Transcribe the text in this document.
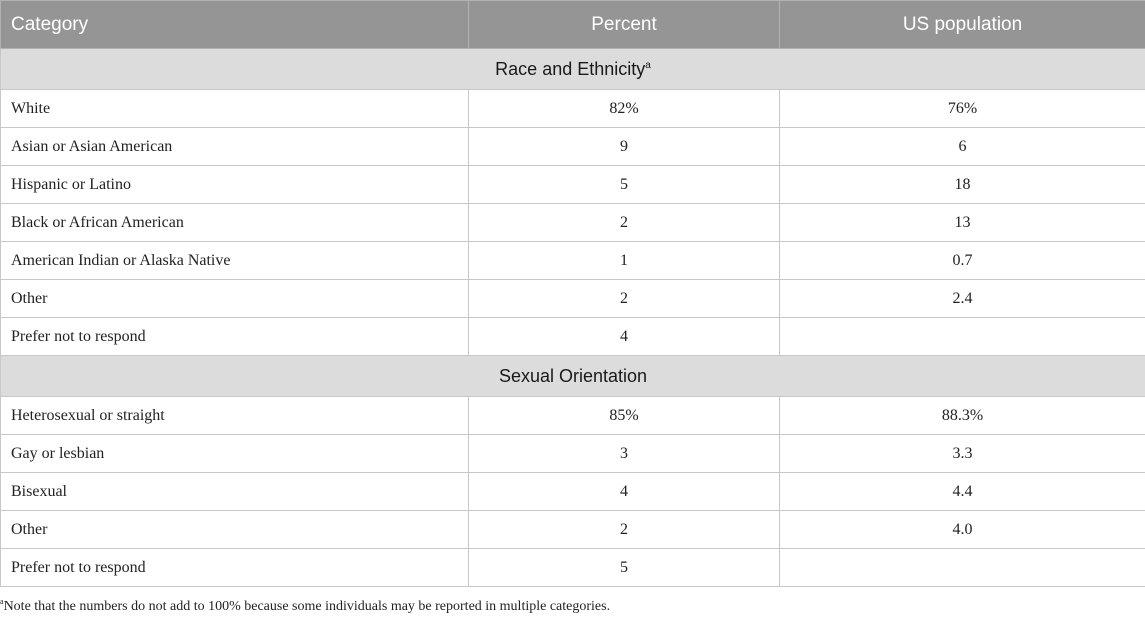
Category	Percent	US population
Race and Ethnicity$^a$
White	82%	76%
Asian or Asian American	9	6
Hispanic or Latino	5	18
Black or African American	2	13
American Indian or Alaska Native	1	0.7
Other	2	2.4
Prefer not to respond	4	
Sexual Orientation		
Heterosexual or straight	85%	88.3%
Gay or lesbian	3	3.3
Bisexual	4	4.4
Other	2	4.0
Prefer not to respond	5	
$^a$Note that the numbers do not add to 100% because some individuals may be reported in multiple categories.
